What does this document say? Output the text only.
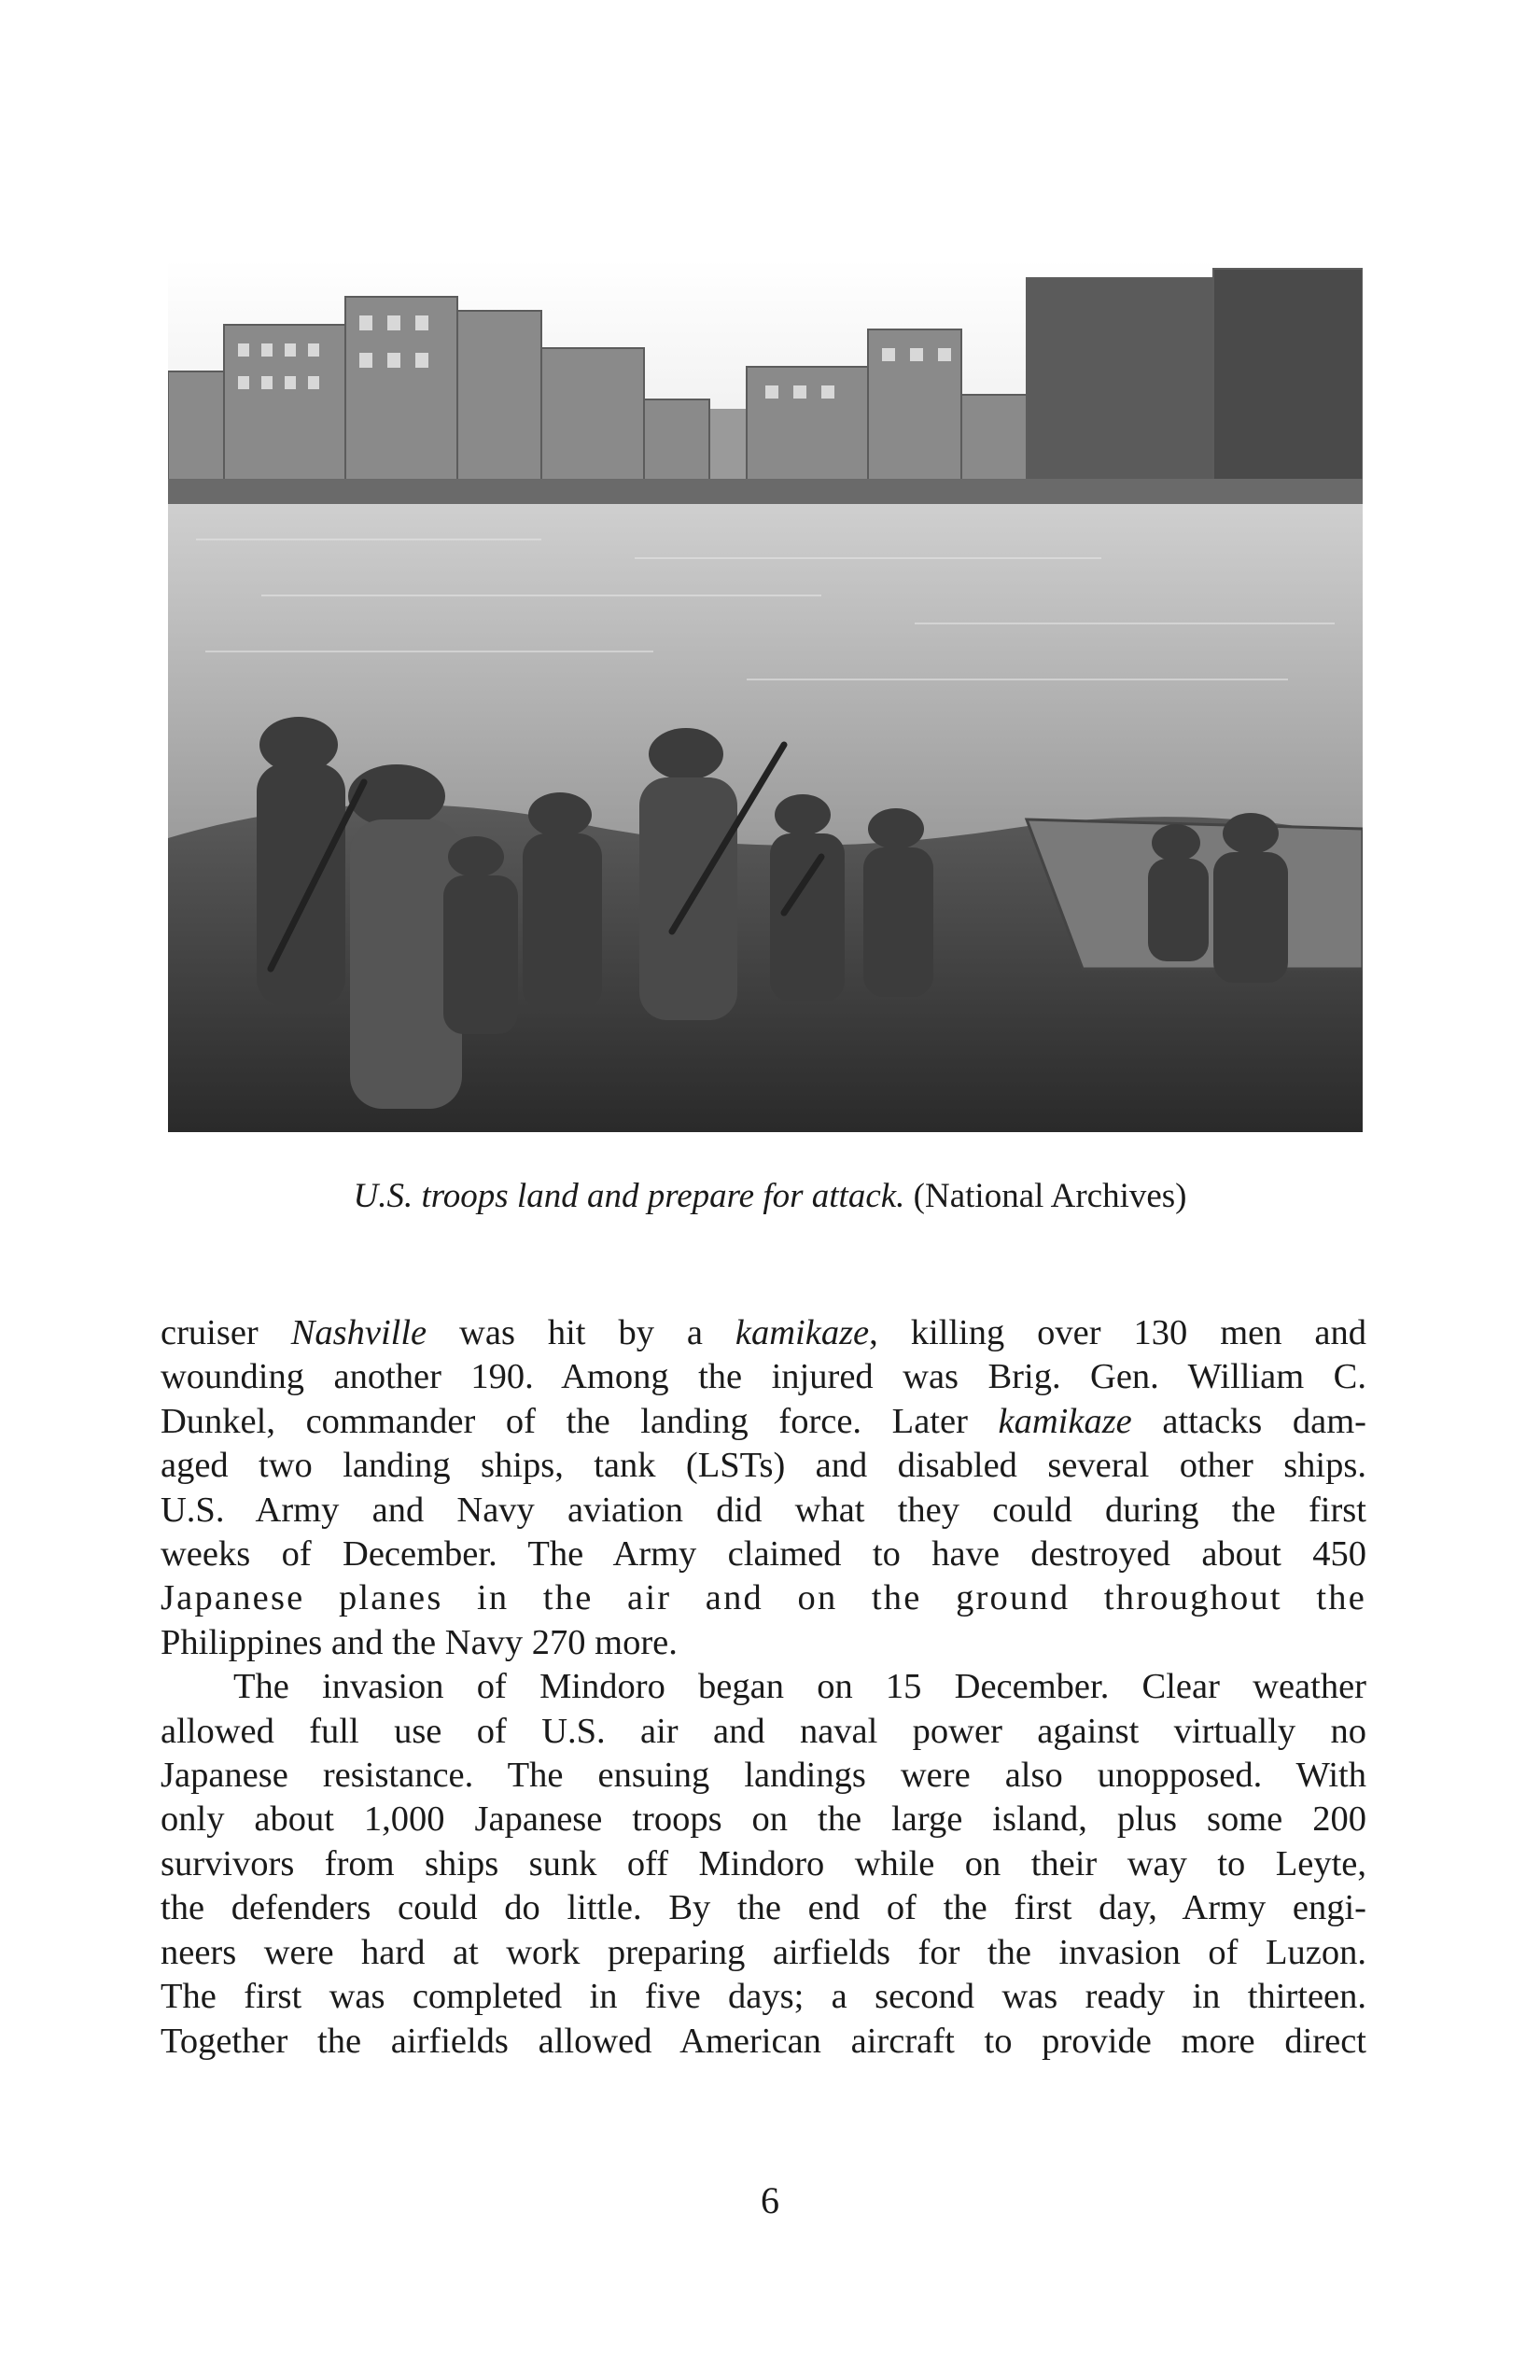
U.S. troops land and prepare for attack. (National Archives)

cruiser Nashville was hit by a kamikaze, killing over 130 men and
wounding another 190. Among the injured was Brig. Gen. William C.
Dunkel, commander of the landing force. Later kamikaze attacks dam-
aged two landing ships, tank (LSTs) and disabled several other ships.
U.S. Army and Navy aviation did what they could during the first
weeks of December. The Army claimed to have destroyed about 450
Japanese planes in the air and on the ground throughout the
Philippines and the Navy 270 more.

The invasion of Mindoro began on 15 December. Clear weather
allowed full use of U.S. air and naval power against virtually no
Japanese resistance. The ensuing landings were also unopposed. With
only about 1,000 Japanese troops on the large island, plus some 200
survivors from ships sunk off Mindoro while on their way to Leyte,
the defenders could do little. By the end of the first day, Army engi-
neers were hard at work preparing airfields for the invasion of Luzon.
The first was completed in five days; a second was ready in thirteen.
Together the airfields allowed American aircraft to provide more direct

6
